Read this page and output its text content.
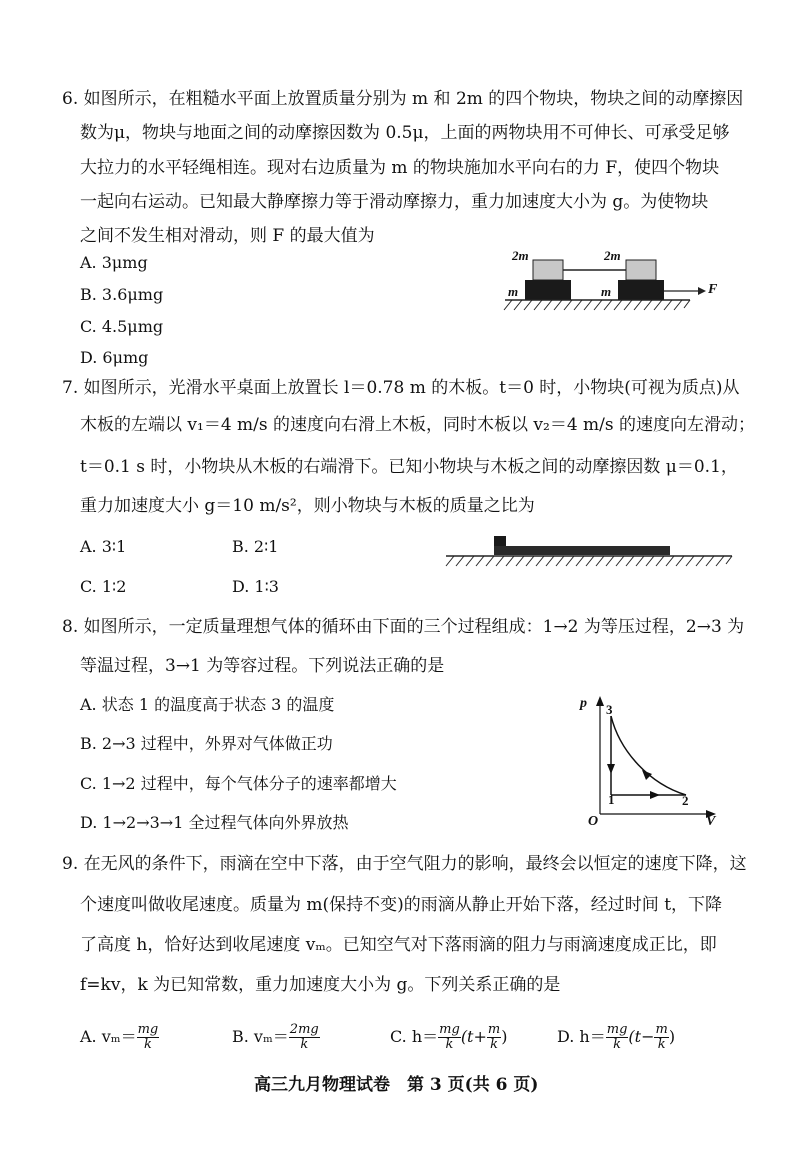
6. 如图所示，在粗糙水平面上放置质量分别为 m 和 2m 的四个物块，物块之间的动摩擦因
数为μ，物块与地面之间的动摩擦因数为 0.5μ，上面的两物块用不可伸长、可承受足够
大拉力的水平轻绳相连。现对右边质量为 m 的物块施加水平向右的力 F，使四个物块
一起向右运动。已知最大静摩擦力等于滑动摩擦力，重力加速度大小为 g。为使物块
之间不发生相对滑动，则 F 的最大值为
A. 3μmg
B. 3.6μmg
C. 4.5μmg
D. 6μmg
2m	2m
m	m	F
7. 如图所示，光滑水平桌面上放置长 l＝0.78 m 的木板。t＝0 时，小物块(可视为质点)从
木板的左端以 v₁＝4 m/s 的速度向右滑上木板，同时木板以 v₂＝4 m/s 的速度向左滑动；
t＝0.1 s 时，小物块从木板的右端滑下。已知小物块与木板之间的动摩擦因数 μ＝0.1，
重力加速度大小 g＝10 m/s²，则小物块与木板的质量之比为
A. 3∶1	B. 2∶1
C. 1∶2	D. 1∶3
8. 如图所示，一定质量理想气体的循环由下面的三个过程组成：1→2 为等压过程，2→3 为
等温过程，3→1 为等容过程。下列说法正确的是
A. 状态 1 的温度高于状态 3 的温度
B. 2→3 过程中，外界对气体做正功
C. 1→2 过程中，每个气体分子的速率都增大
D. 1→2→3→1 全过程气体向外界放热
p
V
O
3
1	2
9. 在无风的条件下，雨滴在空中下落，由于空气阻力的影响，最终会以恒定的速度下降，这
个速度叫做收尾速度。质量为 m(保持不变)的雨滴从静止开始下落，经过时间 t，下降
了高度 h，恰好达到收尾速度 vₘ。已知空气对下落雨滴的阻力与雨滴速度成正比，即
f=kv，k 为已知常数，重力加速度大小为 g。下列关系正确的是
A. $v_m= \frac{mg}{k}$	B. $v_m= \frac{2mg}{k}$	C. $h= \frac{mg}{k} (t+ \frac{m}{k}$ )	D. $h= \frac{mg}{k} (t- \frac{m}{k}$ )
高三九月物理试卷　第 3 页(共 6 页)
